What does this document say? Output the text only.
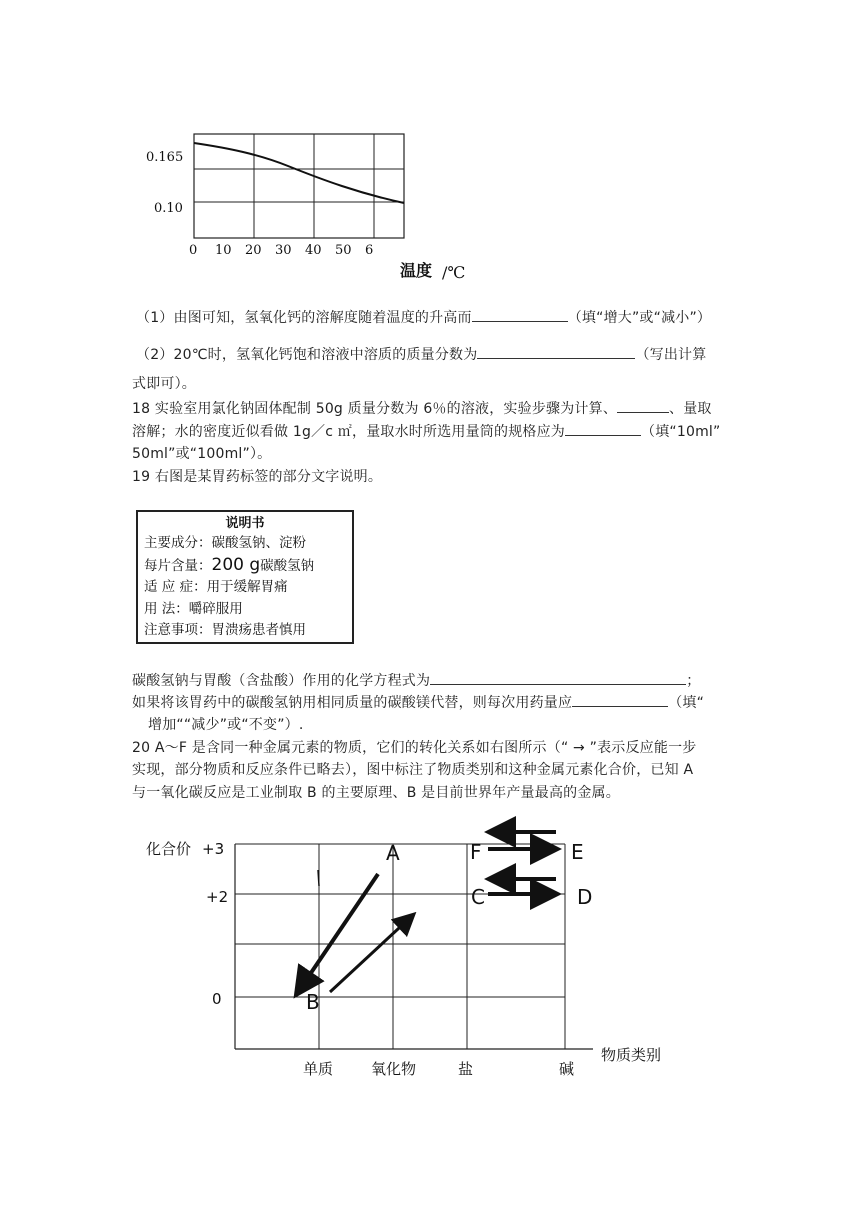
0.165
0.10
0 10 20 30 40 50 6
温度 /℃
（1）由图可知，氢氧化钙的溶解度随着温度的升高而	（填“增大”或“减小”）
（2）20℃时，氢氧化钙饱和溶液中溶质的质量分数为	（写出计算
式即可）。
18 实验室用氯化钠固体配制 50g 质量分数为 6％的溶液，实验步骤为计算、	、量取
溶解；水的密度近似看做 1g／c ㎡，量取水时所选用量筒的规格应为	（填“10ml”
50ml”或“100ml”）。
19 右图是某胃药标签的部分文字说明。
说明书
主要成分：碳酸氢钠、淀粉
每片含量：200 g碳酸氢钠
适 应 症：用于缓解胃痛
用 法：嚼碎服用
注意事项：胃溃疡患者慎用
碳酸氢钠与胃酸（含盐酸）作用的化学方程式为	；
如果将该胃药中的碳酸氢钠用相同质量的碳酸镁代替，则每次用药量应	（填“
增加““减少”或“不变”）.
20 A～F 是含同一种金属元素的物质，它们的转化关系如右图所示（“ → ”表示反应能一步
实现，部分物质和反应条件已略去），图中标注了物质类别和这种金属元素化合价，已知 A
与一氧化碳反应是工业制取 B 的主要原理、B 是目前世界年产量最高的金属。
化合价 +3
+2
0
物质类别
单质	氧化物	盐	碱
A
B
C	D
E
F
